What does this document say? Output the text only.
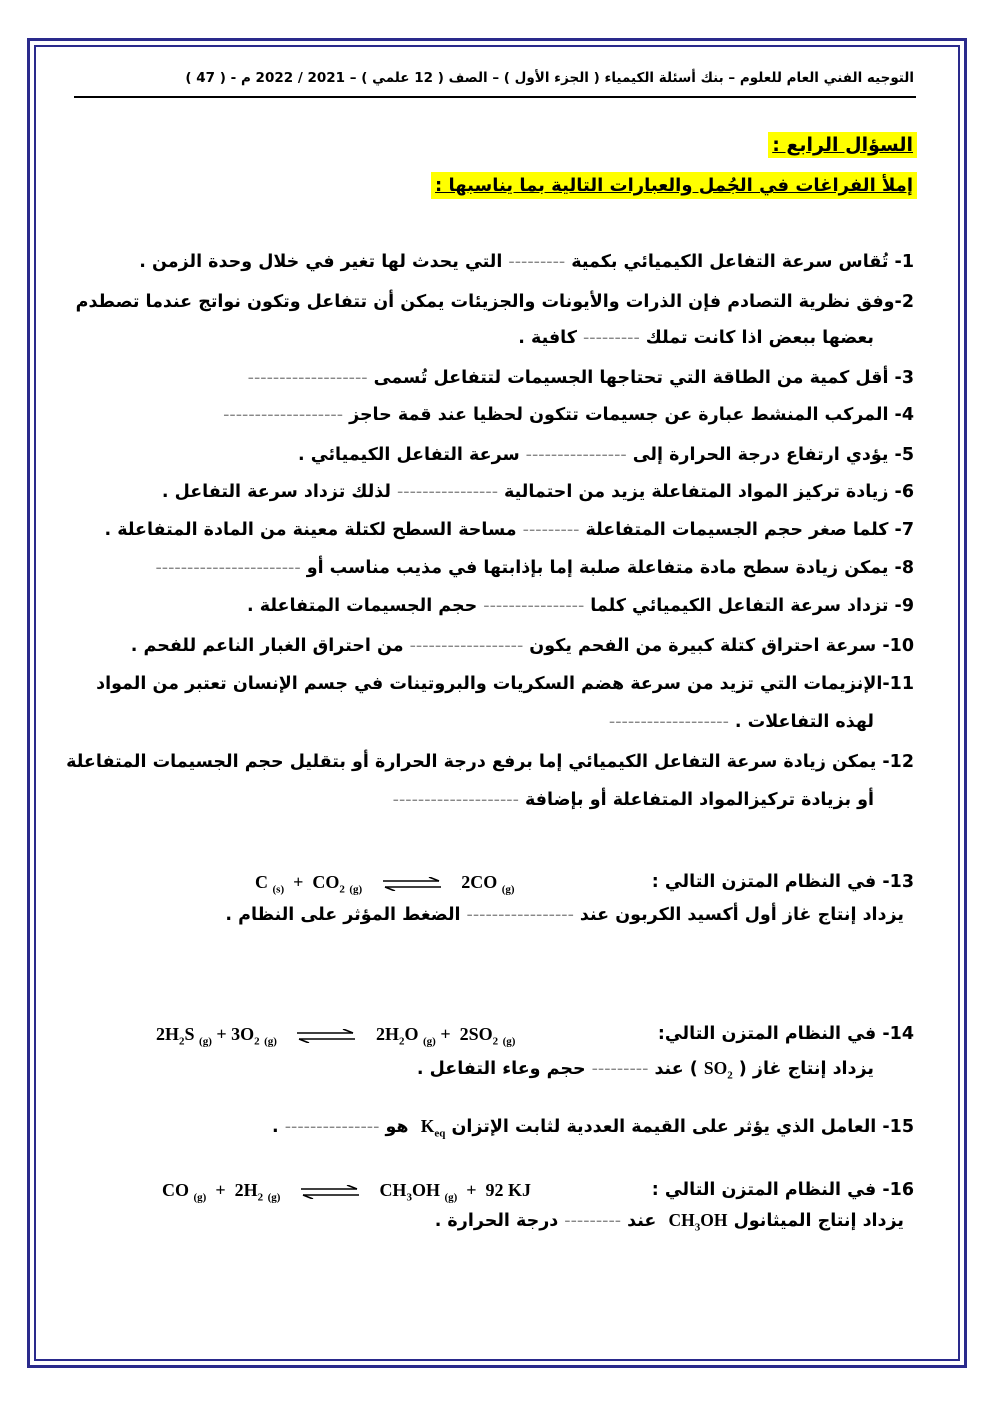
التوجيه الفني العام للعلوم – بنك أسئلة الكيمياء ( الجزء الأول ) – الصف ( 12 علمي ) – 2021 / 2022 م - ( 47 )
السؤال الرابع :
إملأ الفراغات في الجُمل والعبارات التالية بما يناسبها :
1- تُقاس سرعة التفاعل الكيميائي بكمية---------التي يحدث لها تغير في خلال وحدة الزمن .
2-وفق نظرية التصادم فإن الذرات والأيونات والجزيئات يمكن أن تتفاعل وتكون نواتج عندما تصطدم
بعضها ببعض اذا كانت تملك---------كافية .
3- أقل كمية من الطاقة التي تحتاجها الجسيمات لتتفاعل تُسمى-------------------
4- المركب المنشط عبارة عن جسيمات تتكون لحظيا عند قمة حاجز-------------------
5- يؤدي ارتفاع درجة الحرارة إلى----------------سرعة التفاعل الكيميائي .
6- زيادة تركيز المواد المتفاعلة يزيد من احتمالية----------------لذلك تزداد سرعة التفاعل .
7- كلما صغر حجم الجسيمات المتفاعلة---------مساحة السطح لكتلة معينة من المادة المتفاعلة .
8- يمكن زيادة سطح مادة متفاعلة صلبة إما بإذابتها في مذيب مناسب أو-----------------------
9- تزداد سرعة التفاعل الكيميائي كلما----------------حجم الجسيمات المتفاعلة .
10- سرعة احتراق كتلة كبيرة من الفحم يكون------------------من احتراق الغبار الناعم للفحم .
11-الإنزيمات التي تزيد من سرعة هضم السكريات والبروتينات في جسم الإنسان تعتبر من المواد
لهذه التفاعلات .-------------------
12- يمكن زيادة سرعة التفاعل الكيميائي إما برفع درجة الحرارة أو بتقليل حجم الجسيمات المتفاعلة
أو بزيادة تركيزالمواد المتفاعلة أو بإضافة--------------------
13- في النظام المتزن التالي :
C $_{(s)} + CO_2$ $_{(g)}$ ⇌ 2CO $_{(g)}$
يزداد إنتاج غاز أول أكسيد الكربون عند-----------------الضغط المؤثر على النظام .
14- في النظام المتزن التالي:
$2H_2S$ $_{(g)} + 3O_2$ $_{(g)}$ ⇌ $2H_2O$ $_{(g)} + 2SO_2$ $_{(g)}$
يزداد إنتاج غاز ( $SO_2$ ) عند---------حجم وعاء التفاعل .
15- العامل الذي يؤثر على القيمة العددية لثابت الإتزان $K_{eq}$  هو---------------.
16- في النظام المتزن التالي :
CO $_{(g)} + 2H_2$ $_{(g)}$ ⇌ $CH_3OH$ $_{(g)}$  +  92 KJ
يزداد إنتاج الميثانول $CH_3OH$  عند---------درجة الحرارة .
